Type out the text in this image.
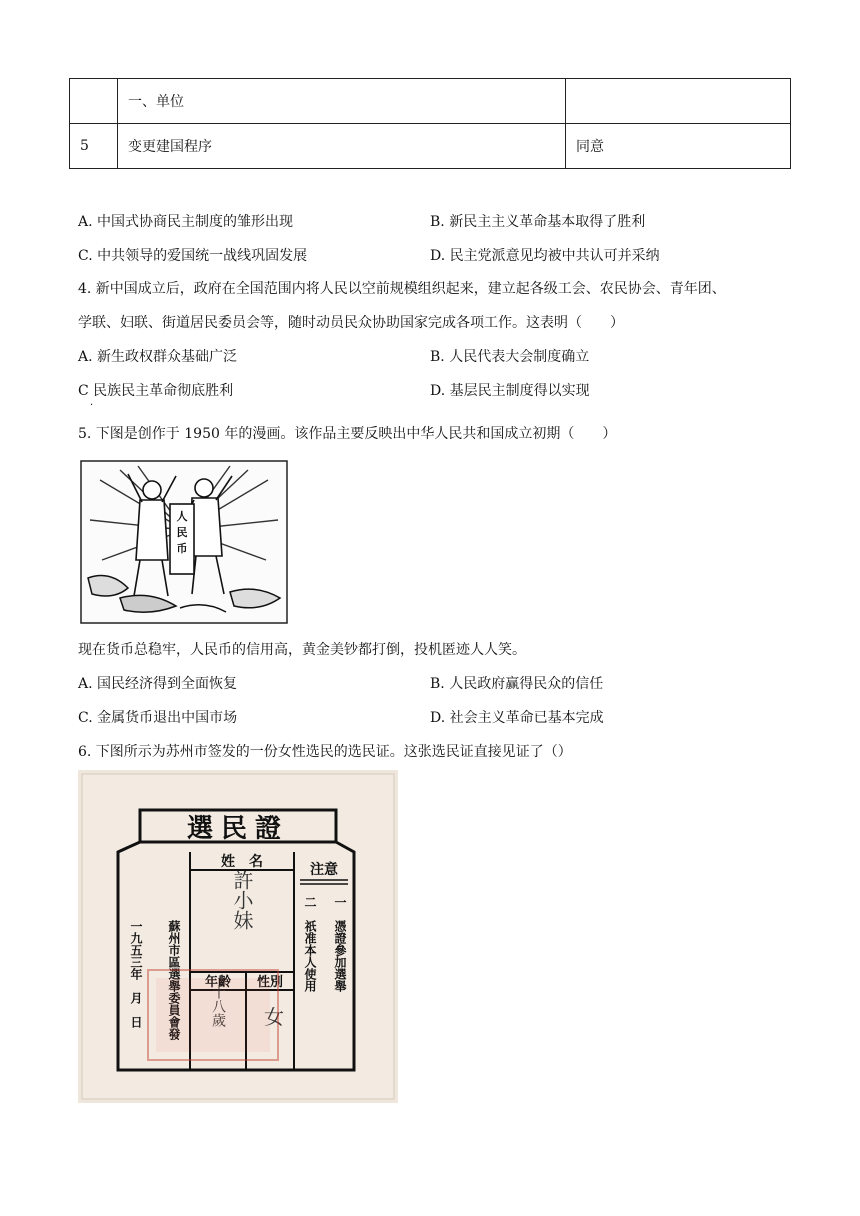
	一、单位	
5	变更建国程序	同意
A. 中国式协商民主制度的雏形出现	B. 新民主主义革命基本取得了胜利
C. 中共领导的爱国统一战线巩固发展	D. 民主党派意见均被中共认可并采纳
4. 新中国成立后，政府在全国范围内将人民以空前规模组织起来，建立起各级工会、农民协会、青年团、
学联、妇联、街道居民委员会等，随时动员民众协助国家完成各项工作。这表明（　　）
A. 新生政权群众基础广泛	B. 人民代表大会制度确立
C 民族民主革命彻底胜利	D. 基层民主制度得以实现
·
5. 下图是创作于 1950 年的漫画。该作品主要反映出中华人民共和国成立初期（　　）
人
民
币
现在货币总稳牢，人民币的信用高，黄金美钞都打倒，投机匿迹人人笑。
A. 国民经济得到全面恢复	B. 人民政府赢得民众的信任
C. 金属货币退出中国市场	D. 社会主义革命已基本完成
6. 下图所示为苏州市签发的一份女性选民的选民证。这张选民证直接见证了（）
選民證
姓　名
許小妹
年齡 性別
十八歲 女
注意
一　憑證參加選舉
二　祇准本人使用
蘇州市區選舉委員會發
一九五三年　月　日
